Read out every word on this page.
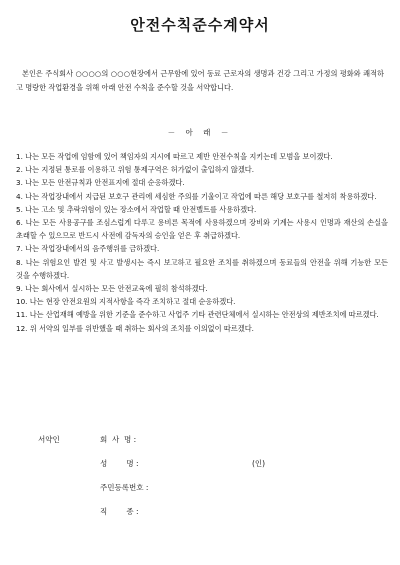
안전수칙준수계약서
본인은 주식회사 ○○○○의 ○○○현장에서 근무함에 있어 동료 근로자의 생명과 건강 그리고 가정의 평화와 쾌적하고 명랑한 작업환경을 위해 아래 안전 수칙을 준수할 것을 서약합니다.
－ 아 래 －
1. 나는 모든 작업에 임함에 있어 책임자의 지시에 따르고 제반 안전수칙을 지키는데 모범을 보이겠다.
2. 나는 지정된 통로를 이용하고 위험 통제구역은 허가없이 출입하지 않겠다.
3. 나는 모든 안전규칙과 안전표지에 절대 순응하겠다.
4. 나는 작업장내에서 지급된 보호구 관리에 세심한 주의를 기울이고 작업에 따른 해당 보호구를 철저히 착용하겠다.
5. 나는 고소 및 추락위험이 있는 장소에서 작업할 때 안전벨트를 사용하겠다.
6. 나는 모든 사용공구를 조심스럽게 다루고 용비른 목적에 사용하겠으며 장비와 기계는 사용시 인명과 재산의 손실을 초래할 수 있으므로 반드시 사전에 감독자의 승인을 얻은 후 취급하겠다.
7. 나는 작업장내에서의 음주행위를 금하겠다.
8. 나는 위험요인 발견 및 사고 발생시는 즉시 보고하고 필요한 조치를 취하겠으며 동료들의 안전을 위해 기능한 모든 것을 수행하겠다.
9. 나는 회사에서 실시하는 모든 안전교육에 필히 참석하겠다.
10. 나는 현장 안전요원의 지적사항을 즉각 조치하고 절대 순응하겠다.
11. 나는 산업재해 예방을 위한 기준을 준수하고 사업주 기타 관련단체에서 실시하는 안전상의 제반조치에 따르겠다.
12. 위 서약의 일부를 위반했을 때 취하는 회사의 조치를 이의없이 따르겠다.
서약인	회  사  명 :
성        명 :	(인)
주민등록번호 :
직        종 :
